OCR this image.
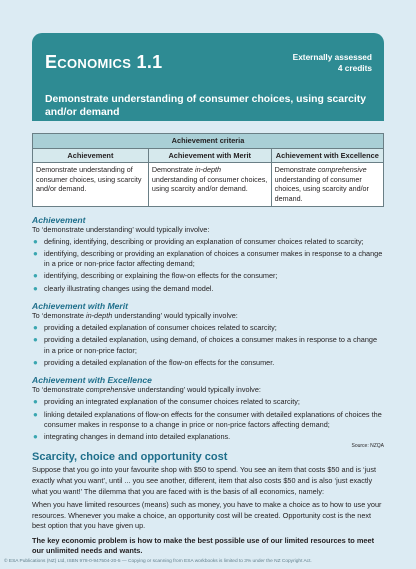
Economics 1.1	Externally assessed
4 credits
Demonstrate understanding of consumer choices, using scarcity and/or demand
Achievement criteria		
Achievement	Achievement with Merit	Achievement with Excellence
Demonstrate understanding of consumer choices, using scarcity and/or demand.	Demonstrate in-depth understanding of consumer choices, using scarcity and/or demand.	Demonstrate comprehensive understanding of consumer choices, using scarcity and/or demand.
Achievement
To ‘demonstrate understanding’ would typically involve:
● defining, identifying, describing or providing an explanation of consumer choices related to scarcity;
● identifying, describing or providing an explanation of choices a consumer makes in response to a change in a price or non-price factor affecting demand;
● identifying, describing or explaining the flow-on effects for the consumer;
● clearly illustrating changes using the demand model.
Achievement with Merit
To ‘demonstrate in-depth understanding’ would typically involve:
● providing a detailed explanation of consumer choices related to scarcity;
● providing a detailed explanation, using demand, of choices a consumer makes in response to a change in a price or non-price factor;
● providing a detailed explanation of the flow-on effects for the consumer.
Achievement with Excellence
To ‘demonstrate comprehensive understanding’ would typically involve:
● providing an integrated explanation of the consumer choices related to scarcity;
● linking detailed explanations of flow-on effects for the consumer with detailed explanations of choices the consumer makes in response to a change in price or non-price factors affecting demand;
● integrating changes in demand into detailed explanations.
Source: NZQA
Scarcity, choice and opportunity cost

Suppose that you go into your favourite shop with $50 to spend. You see an item that costs $50 and is ‘just exactly what you want’, until ... you see another, different, item that also costs $50 and is also ‘just exactly what you want!’ The dilemma that you are faced with is the basis of all economics, namely:

When you have limited resources (means) such as money, you have to make a choice as to how to use your resources. Whenever you make a choice, an opportunity cost will be created. Opportunity cost is the next best option that you have given up.

The key economic problem is how to make the best possible use of our limited resources to meet our unlimited needs and wants.

© ESA Publications (NZ) Ltd, ISBN 978-0-947504-20-5 — Copying or scanning from ESA workbooks is limited to 3% under the NZ Copyright Act.
